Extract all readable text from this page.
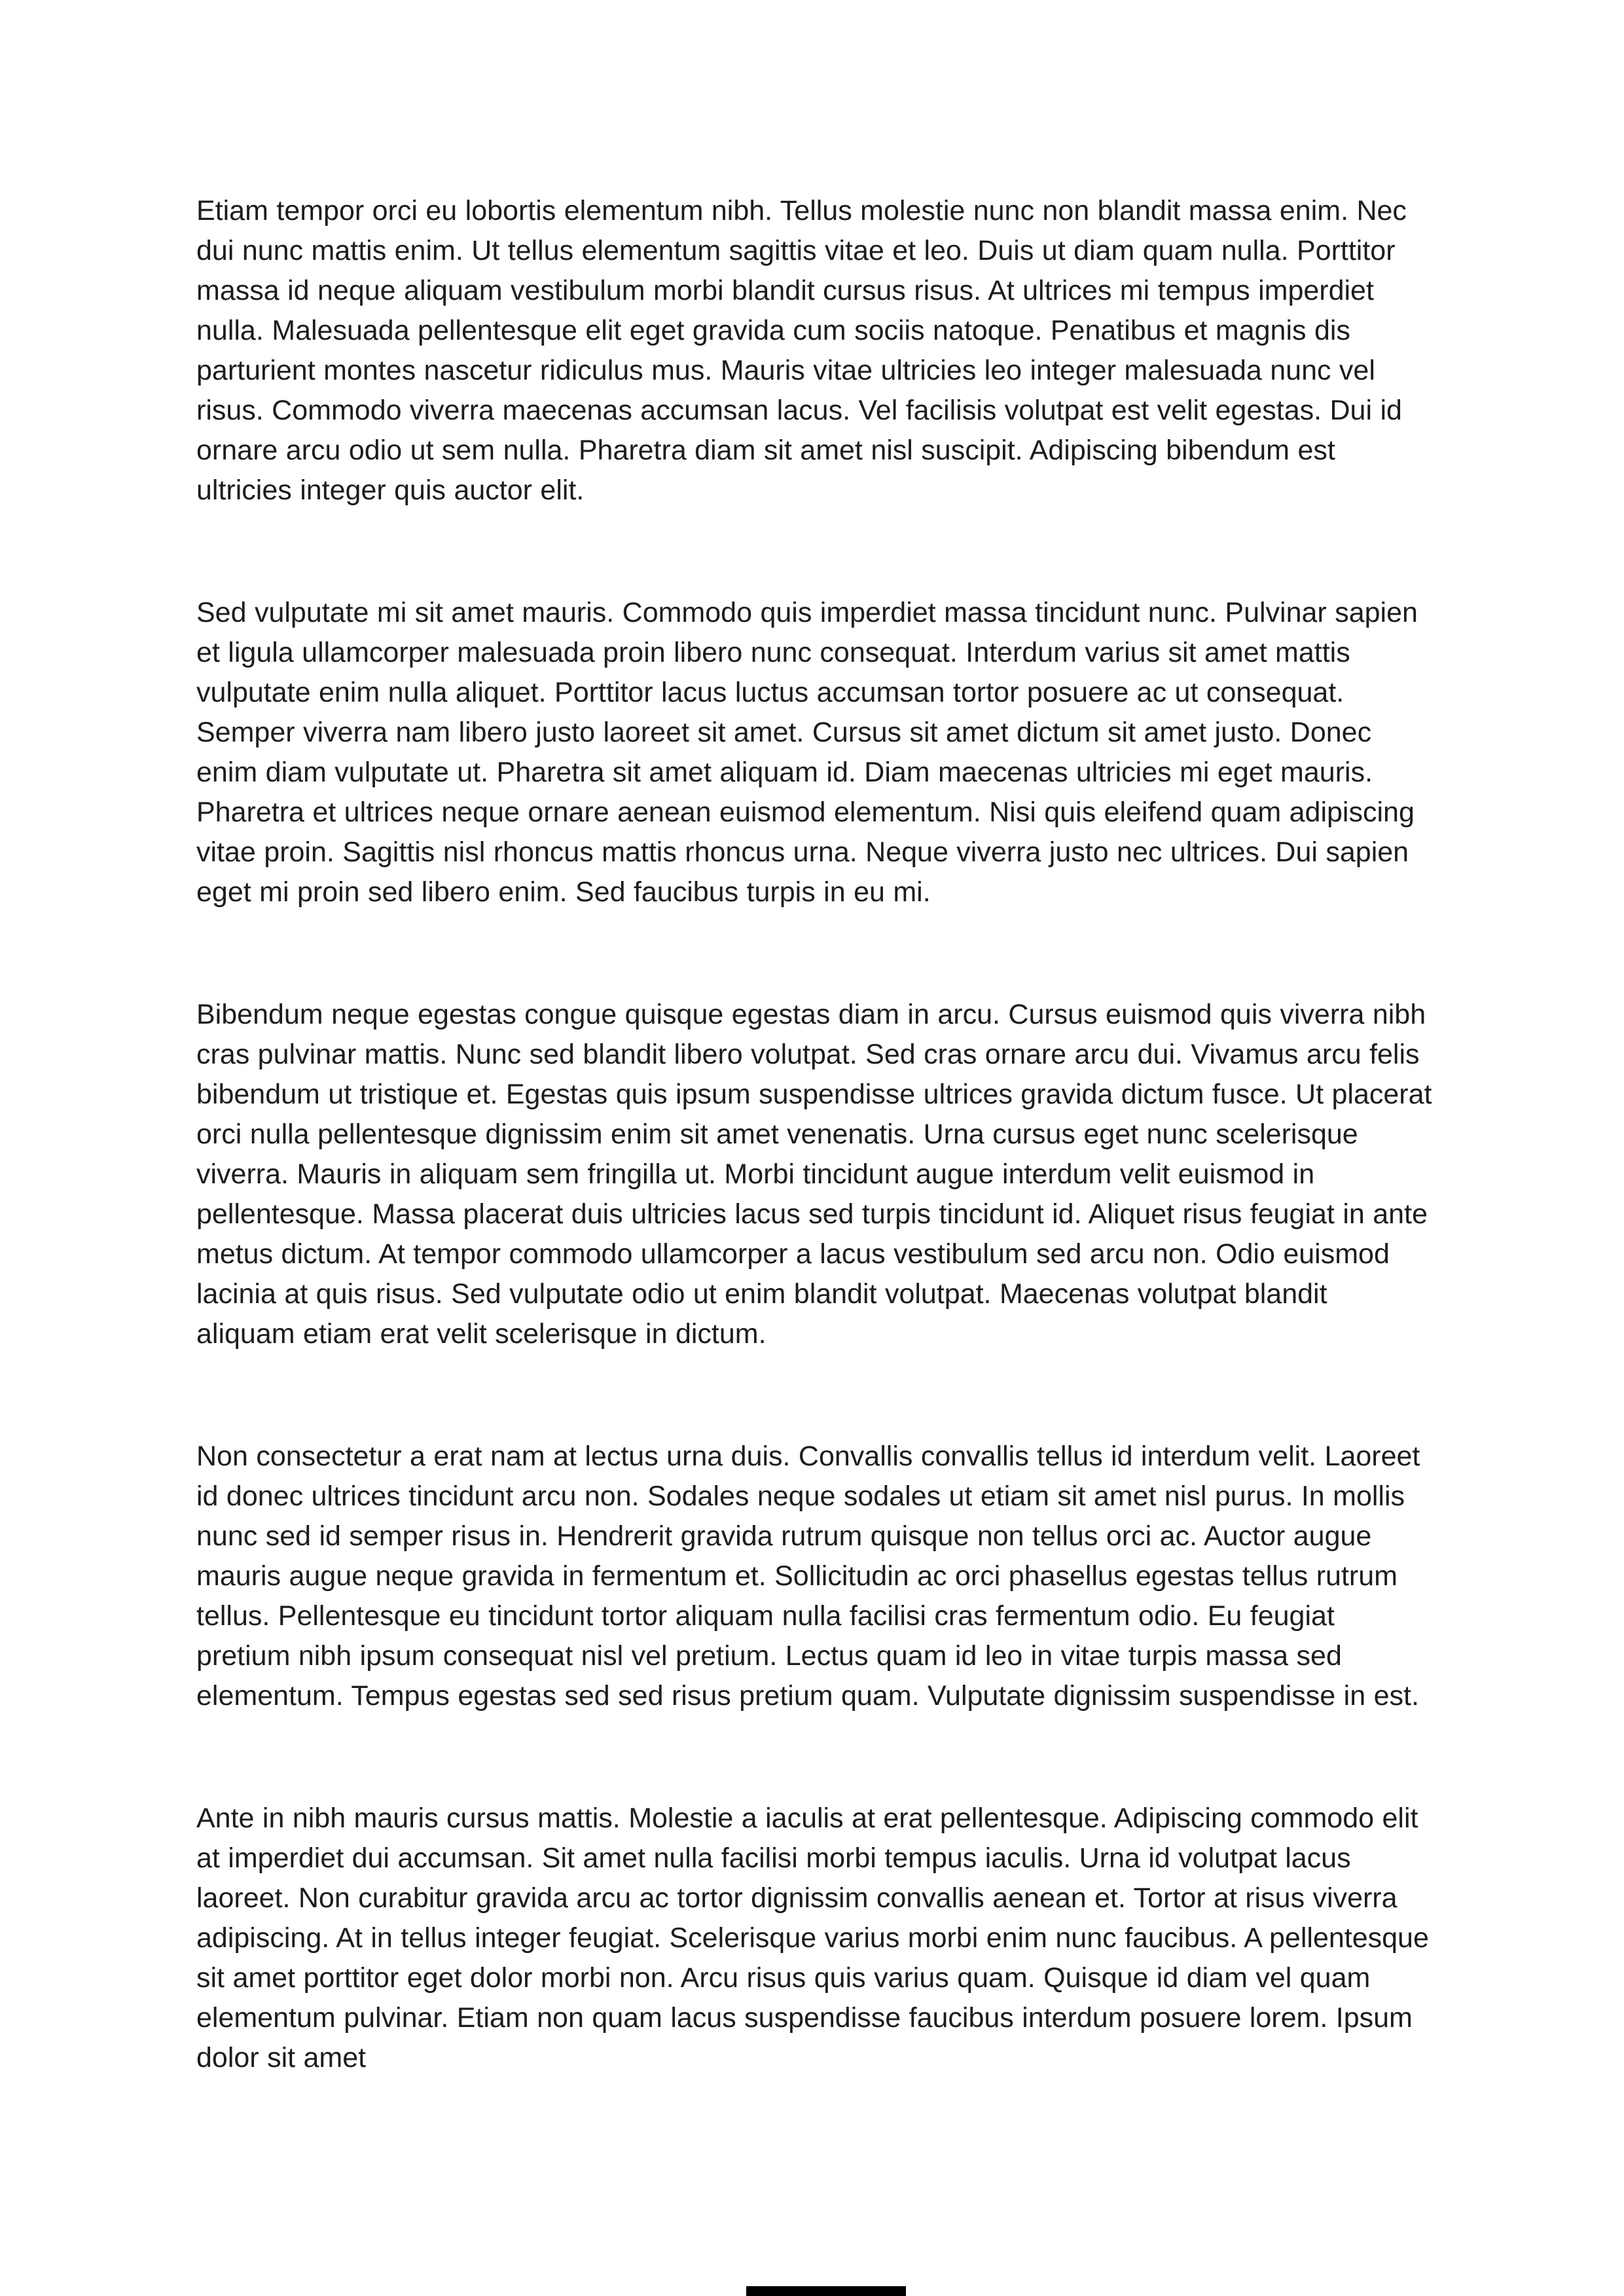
Etiam tempor orci eu lobortis elementum nibh. Tellus molestie nunc non blandit massa enim. Nec dui nunc mattis enim. Ut tellus elementum sagittis vitae et leo. Duis ut diam quam nulla. Porttitor massa id neque aliquam vestibulum morbi blandit cursus risus. At ultrices mi tempus imperdiet nulla. Malesuada pellentesque elit eget gravida cum sociis natoque. Penatibus et magnis dis parturient montes nascetur ridiculus mus. Mauris vitae ultricies leo integer malesuada nunc vel risus. Commodo viverra maecenas accumsan lacus. Vel facilisis volutpat est velit egestas. Dui id ornare arcu odio ut sem nulla. Pharetra diam sit amet nisl suscipit. Adipiscing bibendum est ultricies integer quis auctor elit.

Sed vulputate mi sit amet mauris. Commodo quis imperdiet massa tincidunt nunc. Pulvinar sapien et ligula ullamcorper malesuada proin libero nunc consequat. Interdum varius sit amet mattis vulputate enim nulla aliquet. Porttitor lacus luctus accumsan tortor posuere ac ut consequat. Semper viverra nam libero justo laoreet sit amet. Cursus sit amet dictum sit amet justo. Donec enim diam vulputate ut. Pharetra sit amet aliquam id. Diam maecenas ultricies mi eget mauris. Pharetra et ultrices neque ornare aenean euismod elementum. Nisi quis eleifend quam adipiscing vitae proin. Sagittis nisl rhoncus mattis rhoncus urna. Neque viverra justo nec ultrices. Dui sapien eget mi proin sed libero enim. Sed faucibus turpis in eu mi.

Bibendum neque egestas congue quisque egestas diam in arcu. Cursus euismod quis viverra nibh cras pulvinar mattis. Nunc sed blandit libero volutpat. Sed cras ornare arcu dui. Vivamus arcu felis bibendum ut tristique et. Egestas quis ipsum suspendisse ultrices gravida dictum fusce. Ut placerat orci nulla pellentesque dignissim enim sit amet venenatis. Urna cursus eget nunc scelerisque viverra. Mauris in aliquam sem fringilla ut. Morbi tincidunt augue interdum velit euismod in pellentesque. Massa placerat duis ultricies lacus sed turpis tincidunt id. Aliquet risus feugiat in ante metus dictum. At tempor commodo ullamcorper a lacus vestibulum sed arcu non. Odio euismod lacinia at quis risus. Sed vulputate odio ut enim blandit volutpat. Maecenas volutpat blandit aliquam etiam erat velit scelerisque in dictum.

Non consectetur a erat nam at lectus urna duis. Convallis convallis tellus id interdum velit. Laoreet id donec ultrices tincidunt arcu non. Sodales neque sodales ut etiam sit amet nisl purus. In mollis nunc sed id semper risus in. Hendrerit gravida rutrum quisque non tellus orci ac. Auctor augue mauris augue neque gravida in fermentum et. Sollicitudin ac orci phasellus egestas tellus rutrum tellus. Pellentesque eu tincidunt tortor aliquam nulla facilisi cras fermentum odio. Eu feugiat pretium nibh ipsum consequat nisl vel pretium. Lectus quam id leo in vitae turpis massa sed elementum. Tempus egestas sed sed risus pretium quam. Vulputate dignissim suspendisse in est.

Ante in nibh mauris cursus mattis. Molestie a iaculis at erat pellentesque. Adipiscing commodo elit at imperdiet dui accumsan. Sit amet nulla facilisi morbi tempus iaculis. Urna id volutpat lacus laoreet. Non curabitur gravida arcu ac tortor dignissim convallis aenean et. Tortor at risus viverra adipiscing. At in tellus integer feugiat. Scelerisque varius morbi enim nunc faucibus. A pellentesque sit amet porttitor eget dolor morbi non. Arcu risus quis varius quam. Quisque id diam vel quam elementum pulvinar. Etiam non quam lacus suspendisse faucibus interdum posuere lorem. Ipsum dolor sit amet
